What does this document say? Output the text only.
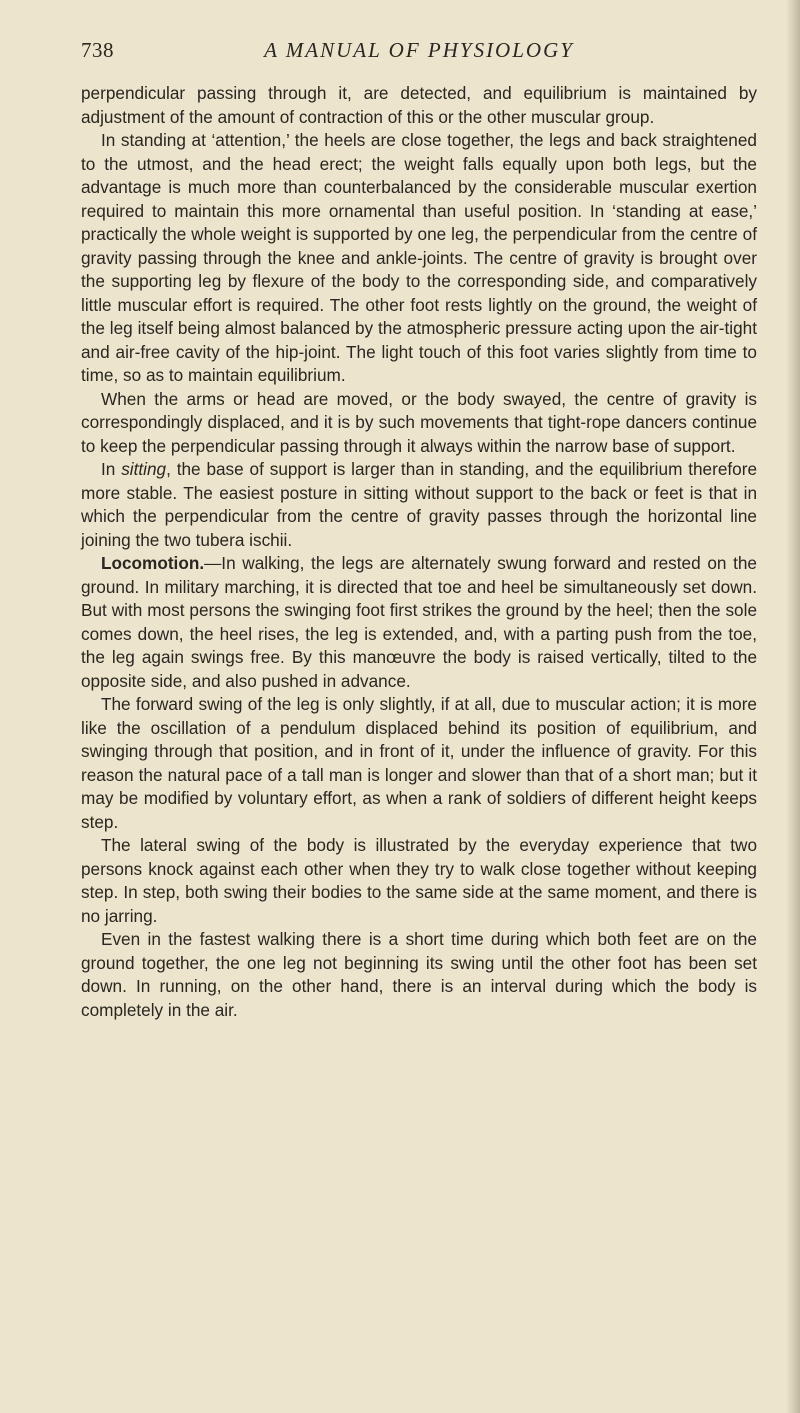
738	A MANUAL OF PHYSIOLOGY

perpendicular passing through it, are detected, and equilibrium is maintained by adjustment of the amount of contraction of this or the other muscular group.

In standing at ‘attention,’ the heels are close together, the legs and back straightened to the utmost, and the head erect; the weight falls equally upon both legs, but the advantage is much more than counterbalanced by the considerable muscular exertion required to maintain this more ornamental than useful position. In ‘standing at ease,’ practically the whole weight is supported by one leg, the perpendicular from the centre of gravity passing through the knee and ankle-joints. The centre of gravity is brought over the supporting leg by flexure of the body to the corresponding side, and comparatively little muscular effort is required. The other foot rests lightly on the ground, the weight of the leg itself being almost balanced by the atmospheric pressure acting upon the air-tight and air-free cavity of the hip-joint. The light touch of this foot varies slightly from time to time, so as to maintain equilibrium.

When the arms or head are moved, or the body swayed, the centre of gravity is correspondingly displaced, and it is by such movements that tight-rope dancers continue to keep the perpendicular passing through it always within the narrow base of support.

In sitting, the base of support is larger than in standing, and the equilibrium therefore more stable. The easiest posture in sitting without support to the back or feet is that in which the perpendicular from the centre of gravity passes through the horizontal line joining the two tubera ischii.

Locomotion.—In walking, the legs are alternately swung forward and rested on the ground. In military marching, it is directed that toe and heel be simultaneously set down. But with most persons the swinging foot first strikes the ground by the heel; then the sole comes down, the heel rises, the leg is extended, and, with a parting push from the toe, the leg again swings free. By this manœuvre the body is raised vertically, tilted to the opposite side, and also pushed in advance.

The forward swing of the leg is only slightly, if at all, due to muscular action; it is more like the oscillation of a pendulum displaced behind its position of equilibrium, and swinging through that position, and in front of it, under the influence of gravity. For this reason the natural pace of a tall man is longer and slower than that of a short man; but it may be modified by voluntary effort, as when a rank of soldiers of different height keeps step.

The lateral swing of the body is illustrated by the everyday experience that two persons knock against each other when they try to walk close together without keeping step. In step, both swing their bodies to the same side at the same moment, and there is no jarring.

Even in the fastest walking there is a short time during which both feet are on the ground together, the one leg not beginning its swing until the other foot has been set down. In running, on the other hand, there is an interval during which the body is completely in the air.
